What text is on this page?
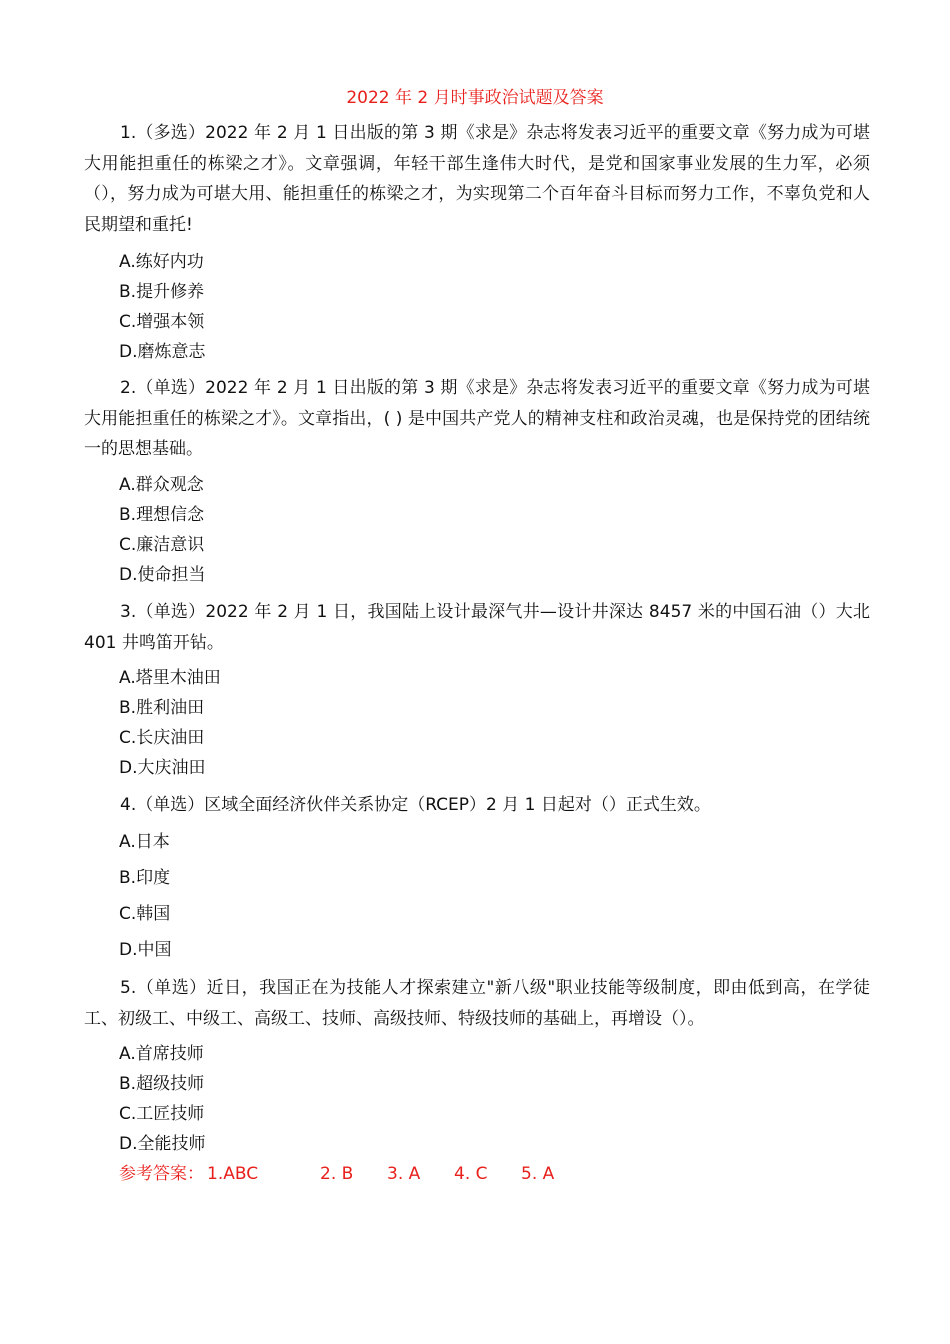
2022 年 2 月时事政治试题及答案

1.（多选）2022 年 2 月 1 日出版的第 3 期《求是》杂志将发表习近平的重要文章《努力成为可堪大用能担重任的栋梁之才》。文章强调，年轻干部生逢伟大时代，是党和国家事业发展的生力军，必须（），努力成为可堪大用、能担重任的栋梁之才，为实现第二个百年奋斗目标而努力工作，不辜负党和人民期望和重托!

A.练好内功
B.提升修养
C.增强本领
D.磨炼意志

2.（单选）2022 年 2 月 1 日出版的第 3 期《求是》杂志将发表习近平的重要文章《努力成为可堪大用能担重任的栋梁之才》。文章指出，( ) 是中国共产党人的精神支柱和政治灵魂，也是保持党的团结统一的思想基础。

A.群众观念
B.理想信念
C.廉洁意识
D.使命担当

3.（单选）2022 年 2 月 1 日，我国陆上设计最深气井—设计井深达 8457 米的中国石油（）大北 401 井鸣笛开钻。

A.塔里木油田
B.胜利油田
C.长庆油田
D.大庆油田

4.（单选）区域全面经济伙伴关系协定（RCEP）2 月 1 日起对（）正式生效。

A.日本
B.印度
C.韩国
D.中国

5.（单选）近日，我国正在为技能人才探索建立"新八级"职业技能等级制度，即由低到高，在学徒工、初级工、中级工、高级工、技师、高级技师、特级技师的基础上，再增设（）。

A.首席技师
B.超级技师
C.工匠技师
D.全能技师
参考答案： 1.ABC	2. B 3. A 4. C 5. A
